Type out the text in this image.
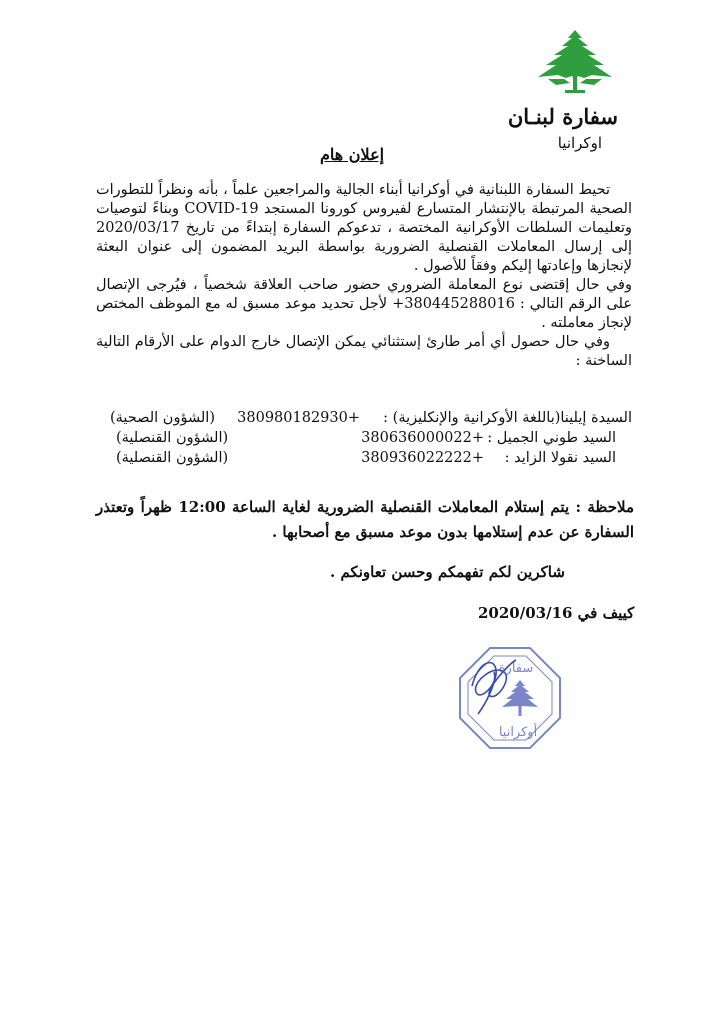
سفارة لبنـان
اوكرانيا
إعلان هام

تحيط السفارة اللبنانية في أوكرانيا أبناء الجالية والمراجعين علماً ، بأنه ونظراً للتطورات الصحية المرتبطة بالإنتشار المتسارع لفيروس كورونا المستجد COVID-19 وبناءً لتوصيات وتعليمات السلطات الأوكرانية المختصة ، تدعوكم السفارة إبتداءً من تاريخ 2020/03/17 إلى إرسال المعاملات القنصلية الضرورية بواسطة البريد المضمون إلى عنوان البعثة لإنجازها وإعادتها إليكم وفقاً للأصول .

وفي حال إقتضى نوع المعاملة الضروري حضور صاحب العلاقة شخصياً ، فيُرجى الإتصال على الرقم التالي : 380445288016+ لأجل تحديد موعد مسبق له مع الموظف المختص لإنجاز معاملته .

وفي حال حصول أي أمر طارئ إستثنائي يمكن الإتصال خارج الدوام على الأرقام التالية الساخنة :

السيدة إيلينا(باللغة الأوكرانية والإنكليزية) :
380980182930+
(الشؤون الصحية)
السيد طوني الجميل :
380636000022+
(الشؤون القنصلية)
السيد نقولا الزايد :
380936022222+
(الشؤون القنصلية)
ملاحظة : يتم إستلام المعاملات القنصلية الضرورية لغاية الساعة 12:00 ظهراً وتعتذر السفارة عن عدم إستلامها بدون موعد مسبق مع أصحابها .
شاكرين لكم تفهمكم وحسن تعاونكم .
كييف في 2020/03/16
سفارة
أوكرانيا
